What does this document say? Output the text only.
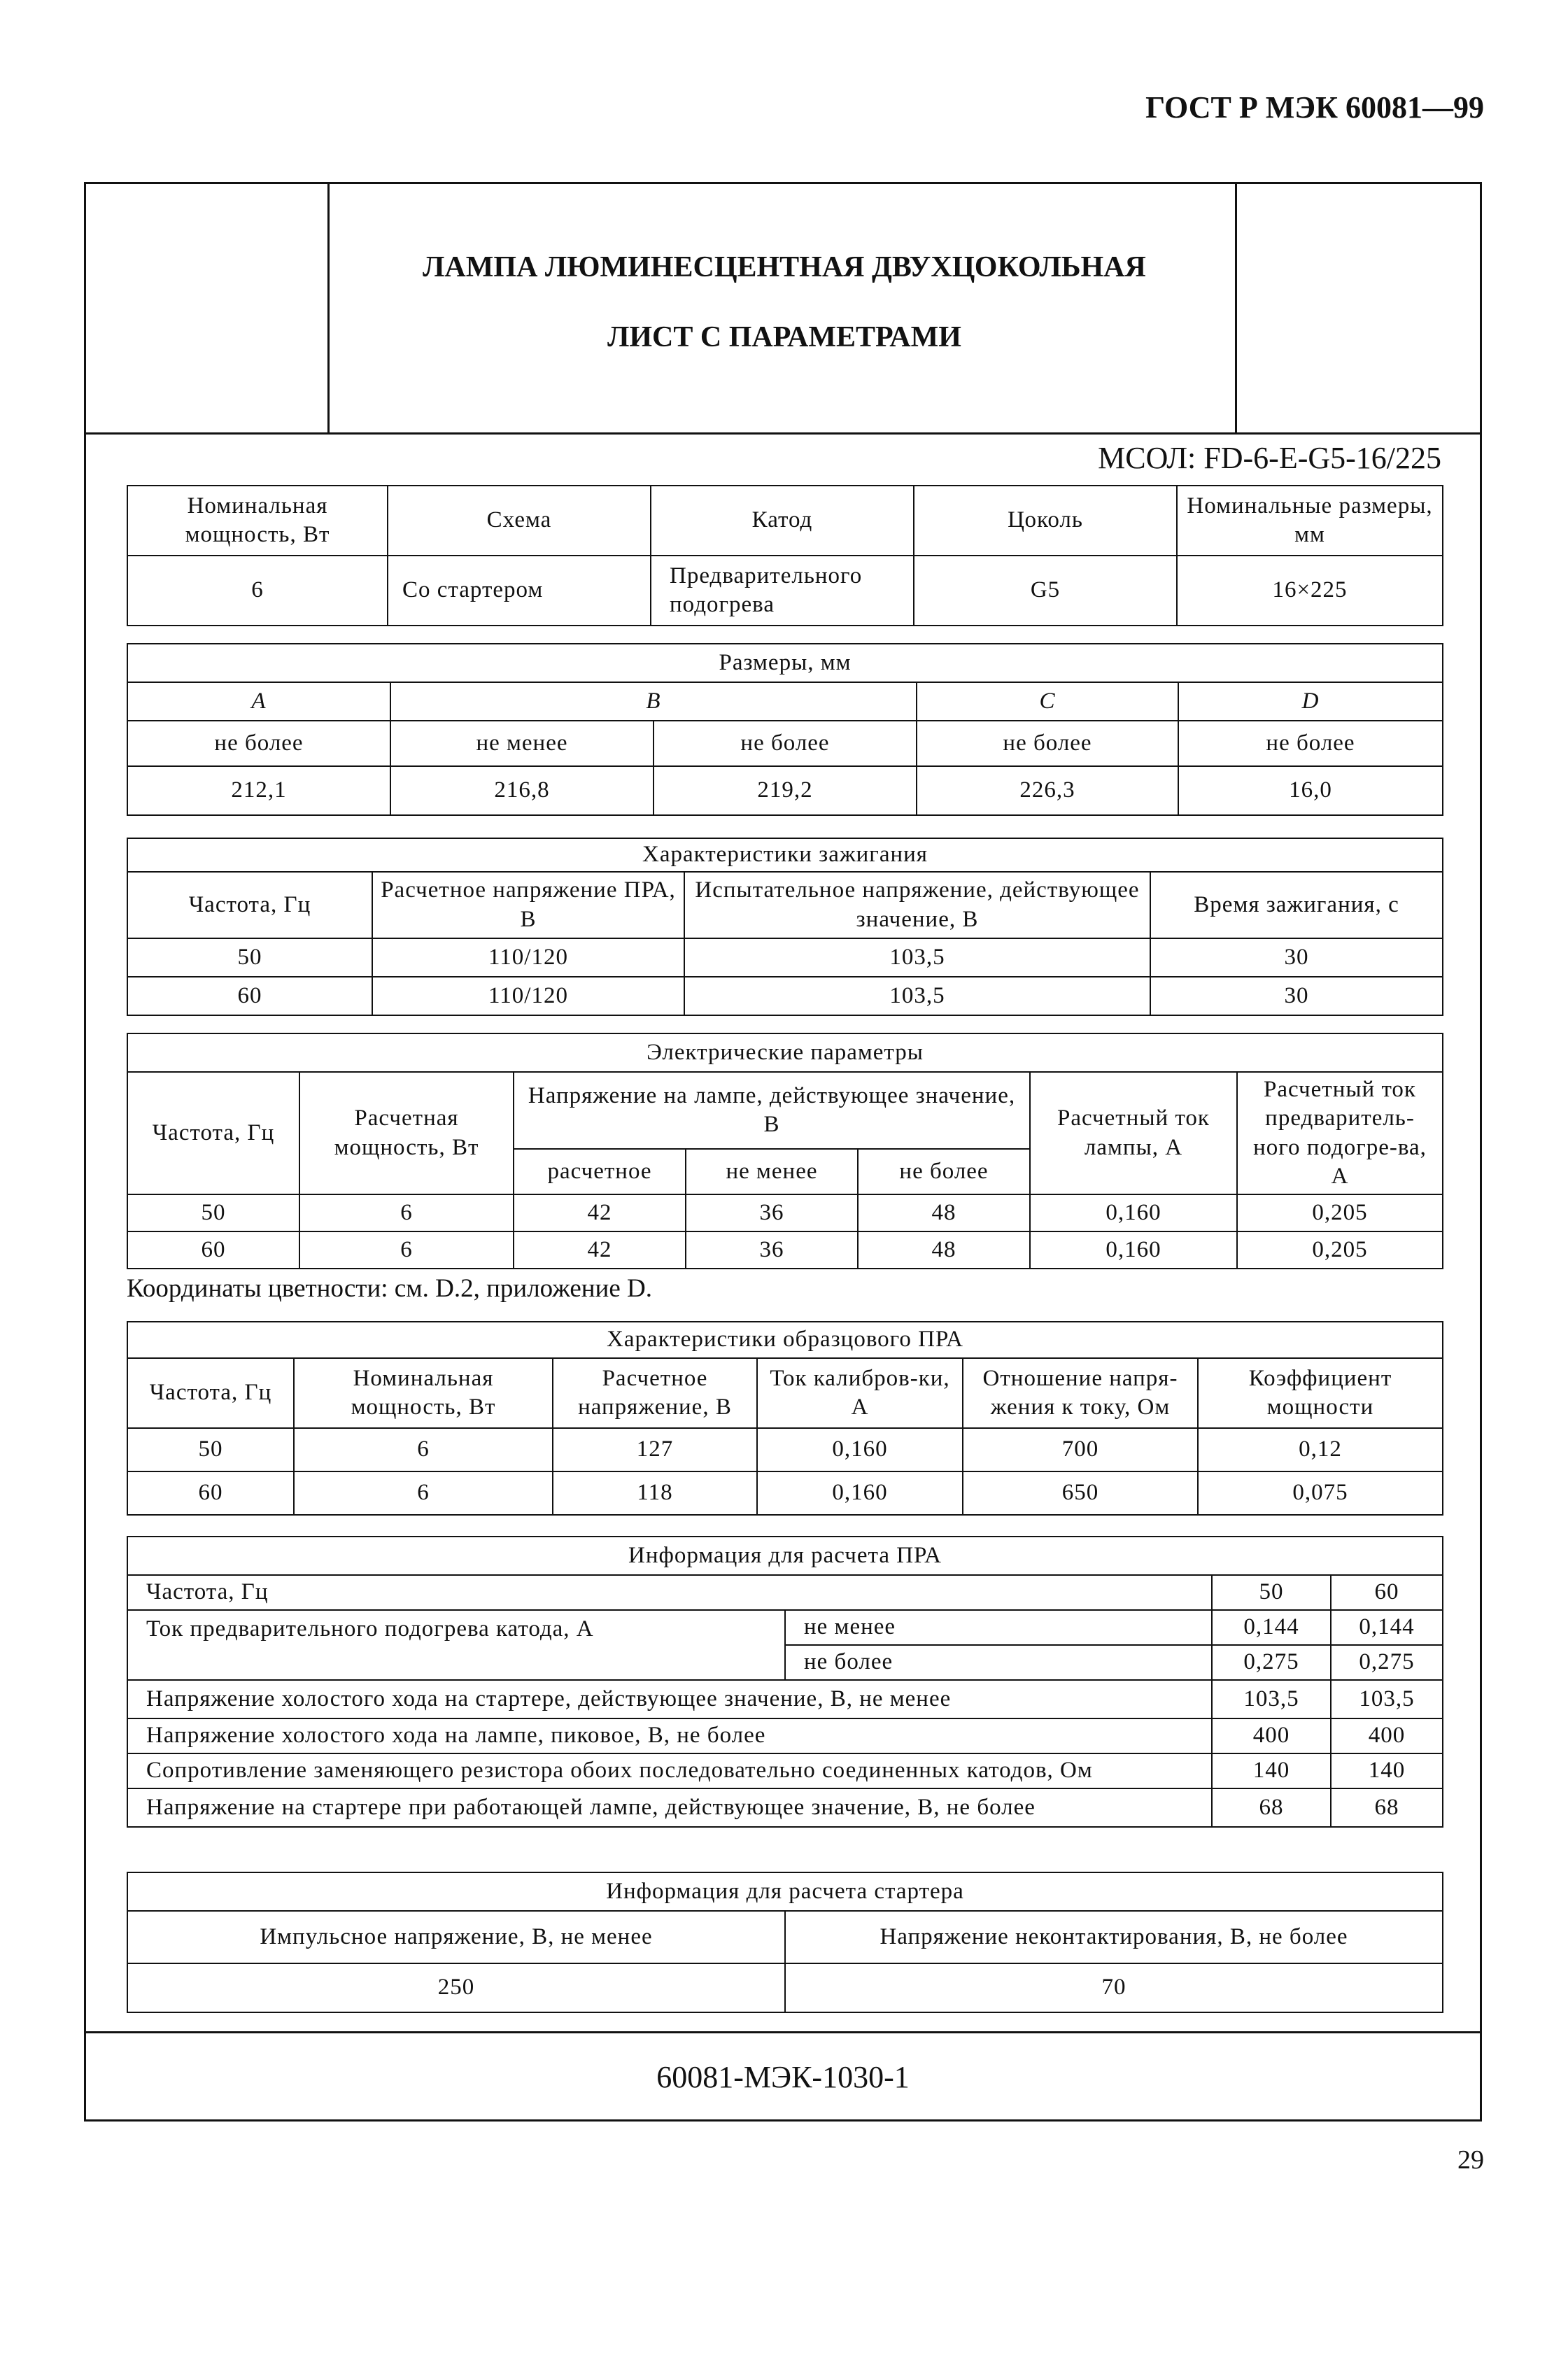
ГОСТ Р МЭК 60081—99
ЛАМПА ЛЮМИНЕСЦЕНТНАЯ ДВУХЦОКОЛЬНАЯ
ЛИСТ С ПАРАМЕТРАМИ
МСОЛ: FD-6-E-G5-16/225
Номинальная мощность, Вт	Схема	Катод	Цоколь	Номинальные размеры, мм
6	Со стартером	Предварительного подогрева	G5	16×225
Размеры, мм				
A	B		C	D
не более	не менее	не более	не более	не более
212,1	216,8	219,2	226,3	16,0
Характеристики зажигания			
Частота, Гц	Расчетное напряжение ПРА, В	Испытательное напряжение, действующее значение, В	Время зажигания, с
50	110/120	103,5	30
60	110/120	103,5	30
Электрические параметры						
Частота, Гц	Расчетная мощность, Вт	Напряжение на лампе, действующее значение, В			Расчетный ток лампы, А	Расчетный ток предваритель-ного подогре-ва, А
		расчетное	не менее	не более		
50	6	42	36	48	0,160	0,205
60	6	42	36	48	0,160	0,205
Координаты цветности: см. D.2, приложение D.
Характеристики образцового ПРА					
Частота, Гц	Номинальная мощность, Вт	Расчетное напряжение, В	Ток калибров-ки, А	Отношение напря-жения к току, Ом	Коэффициент мощности
50	6	127	0,160	700	0,12
60	6	118	0,160	650	0,075
Информация для расчета ПРА			
Частота, Гц		50	60
Ток предварительного подогрева катода, А	не менее	0,144	0,144
	не более	0,275	0,275
Напряжение холостого хода на стартере, действующее значение, В, не менее		103,5	103,5
Напряжение холостого хода на лампе, пиковое, В, не более		400	400
Сопротивление заменяющего резистора обоих последовательно соединенных катодов, Ом		140	140
Напряжение на стартере при работающей лампе, действующее значение, В, не более		68	68
Информация для расчета стартера	
Импульсное напряжение, В, не менее	Напряжение неконтактирования, В, не более
250	70
60081-МЭК-1030-1
29
